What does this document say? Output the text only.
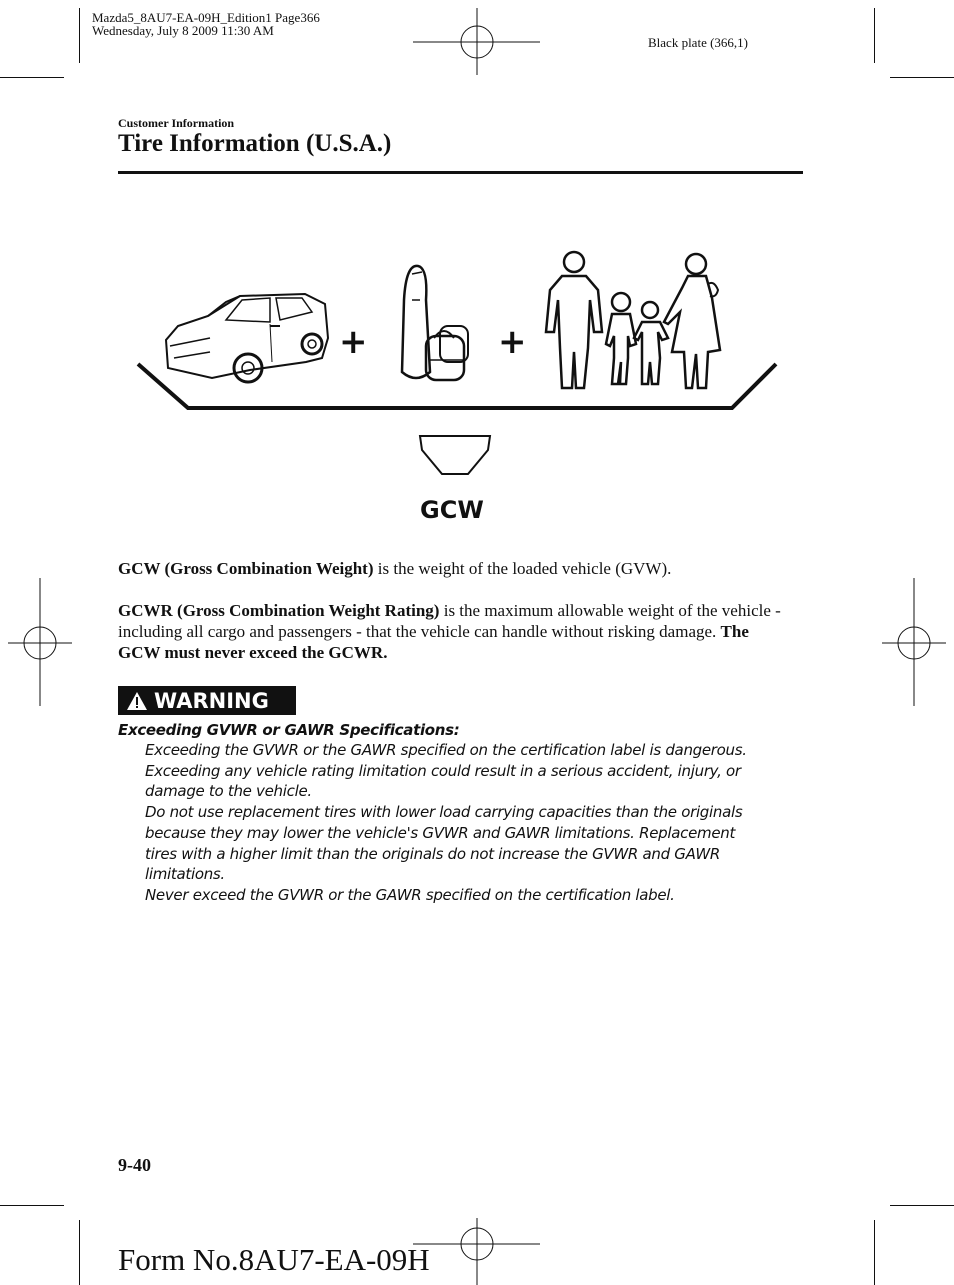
Mazda5_8AU7-EA-09H_Edition1 Page366
Wednesday, July 8 2009 11:30 AM
Black plate (366,1)
Customer Information
Tire Information (U.S.A.)
+	+
GCW

GCW (Gross Combination Weight) is the weight of the loaded vehicle (GVW).

GCWR (Gross Combination Weight Rating) is the maximum allowable weight of the vehicle - including all cargo and passengers - that the vehicle can handle without risking damage. The GCW must never exceed the GCWR.

WARNING
Exceeding GVWR or GAWR Specifications:
Exceeding the GVWR or the GAWR specified on the certification label is dangerous.
Exceeding any vehicle rating limitation could result in a serious accident, injury, or
damage to the vehicle.
Do not use replacement tires with lower load carrying capacities than the originals
because they may lower the vehicle's GVWR and GAWR limitations. Replacement
tires with a higher limit than the originals do not increase the GVWR and GAWR
limitations.
Never exceed the GVWR or the GAWR specified on the certification label.
9-40
Form No.8AU7-EA-09H
